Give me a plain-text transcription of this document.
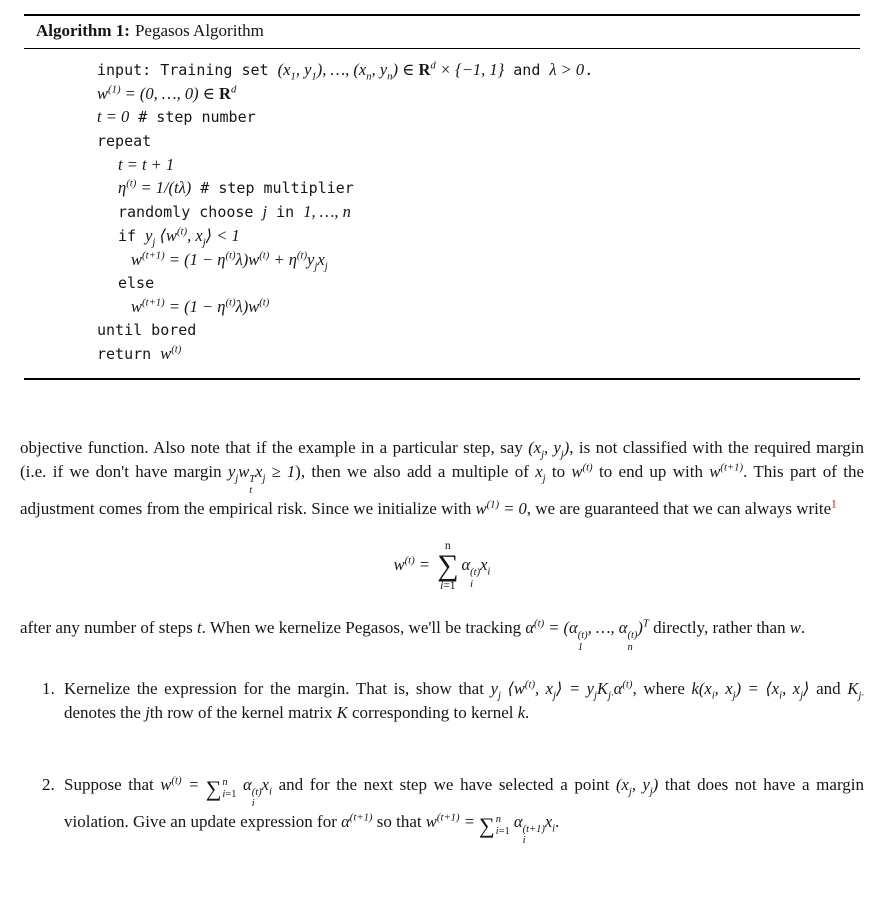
Algorithm 1: Pegasos Algorithm
input: Training set ($x_1$, $y_1$), …, ($x_n$, $y_n$) ∈ $R^d \times \{-1$, 1} and λ > 0.
$w^{(1)} = (0$, …, 0) ∈ $R^d$
t = 0 # step number
repeat
t = t + 1
$\eta^{(t)} = 1/(t\lambda)$ # step multiplier
randomly choose j in 1, …, n
if $y_j$ $⟨w^{(t)}$, $x_j⟩ < 1$
$w^{(t+1)} = (1 - \eta^{(t)}\lambda)w^{(t)} + \eta^{(t)}y_jx_j$
else
$w^{(t+1)} = (1 - \eta^{(t)}\lambda)w^{(t)}$
until bored
return $w^{(t)}$
objective function. Also note that if the example in a particular step, say ($x_j$, $y_j$), is not classified with the required margin (i.e. if we don't have margin $y_jw$ T
t
$x_j \ge 1$), then we also add a multiple of $x_j$ to $w^{(t)}$ to end up with $w^{(t+1)}$. This part of the adjustment comes from the empirical risk. Since we initialize with $w^{(1)} = 0$, we are guaranteed that we can always write$^1$
$w^{(t)}$ =
n
∑
i=1
α (t)
i
$x_i$
after any number of steps t. When we kernelize Pegasos, we'll be tracking $\alpha^{(t)} = (\alpha$ (t)
1
, …, α (t)
n
)$^T$ directly, rather than w.
1. Kernelize the expression for the margin. That is, show that $y_j$ $⟨w^{(t)}$, $x_j⟩ = y_jK_{j\cdot}\alpha^{(t)}$, where $k(x_i$, $x_j$) = $⟨x_i$, $x_j⟩$ and $K_{j\cdot}$ denotes the jth row of the kernel matrix K corresponding to kernel k.
2. Suppose that $w^{(t)}$ = ∑ n
i=1
α (t)
i
$x_i$ and for the next step we have selected a point ($x_j$, $y_j$) that does not have a margin violation. Give an update expression for $\alpha^{(t+1)}$ so that $w^{(t+1)}$ = ∑ n
i=1
α (t+1)
i
$x_i$.
